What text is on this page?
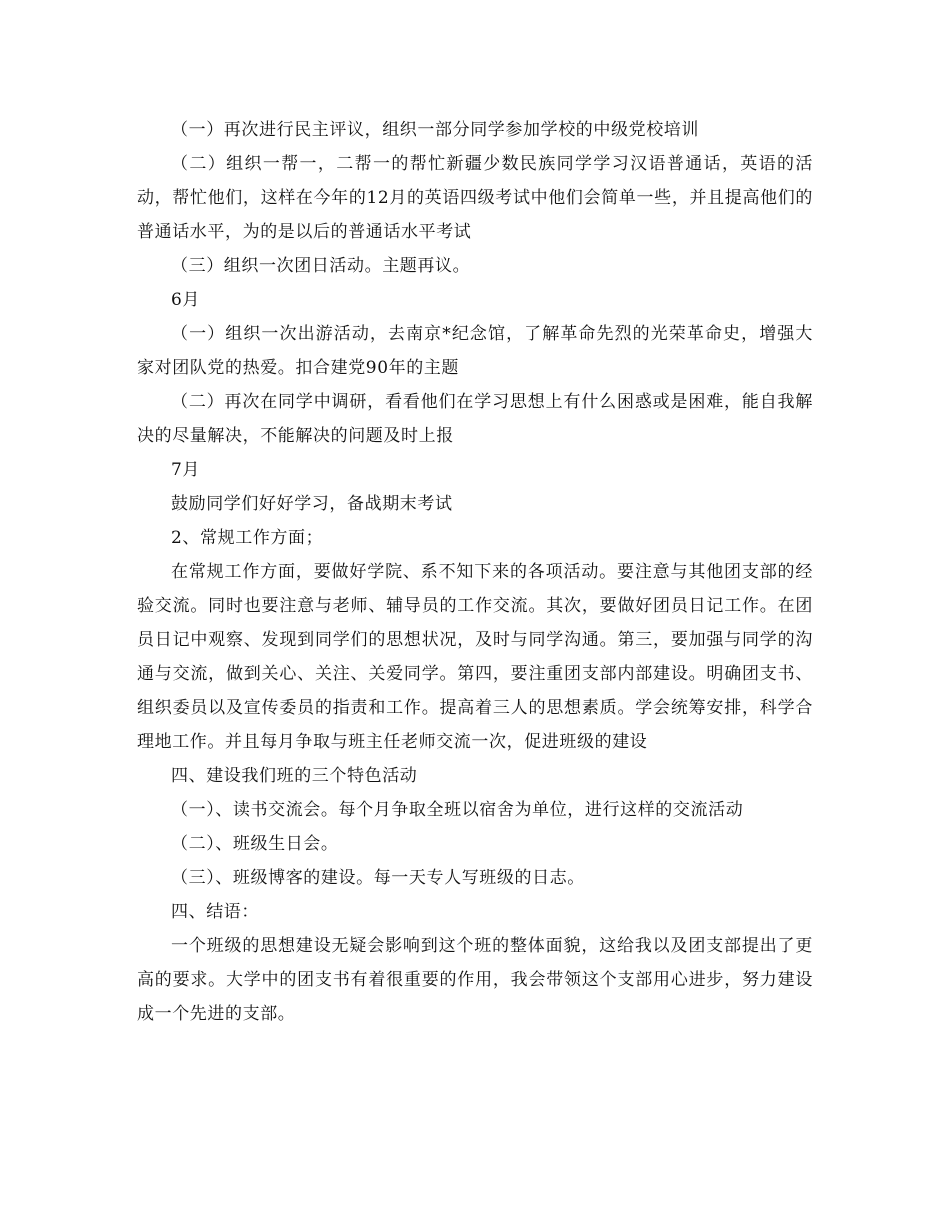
（一）再次进行民主评议，组织一部分同学参加学校的中级党校培训

（二）组织一帮一，二帮一的帮忙新疆少数民族同学学习汉语普通话，英语的活动，帮忙他们，这样在今年的12月的英语四级考试中他们会简单一些，并且提高他们的普通话水平，为的是以后的普通话水平考试

（三）组织一次团日活动。主题再议。

6月

（一）组织一次出游活动，去南京*纪念馆，了解革命先烈的光荣革命史，增强大家对团队党的热爱。扣合建党90年的主题

（二）再次在同学中调研，看看他们在学习思想上有什么困惑或是困难，能自我解决的尽量解决，不能解决的问题及时上报

7月

鼓励同学们好好学习，备战期末考试

2、常规工作方面；

在常规工作方面，要做好学院、系不知下来的各项活动。要注意与其他团支部的经验交流。同时也要注意与老师、辅导员的工作交流。其次，要做好团员日记工作。在团员日记中观察、发现到同学们的思想状况，及时与同学沟通。第三，要加强与同学的沟通与交流，做到关心、关注、关爱同学。第四，要注重团支部内部建设。明确团支书、组织委员以及宣传委员的指责和工作。提高着三人的思想素质。学会统筹安排，科学合理地工作。并且每月争取与班主任老师交流一次，促进班级的建设

四、建设我们班的三个特色活动

（一）、读书交流会。每个月争取全班以宿舍为单位，进行这样的交流活动

（二）、班级生日会。

（三）、班级博客的建设。每一天专人写班级的日志。

四、结语：

一个班级的思想建设无疑会影响到这个班的整体面貌，这给我以及团支部提出了更高的要求。大学中的团支书有着很重要的作用，我会带领这个支部用心进步，努力建设成一个先进的支部。
